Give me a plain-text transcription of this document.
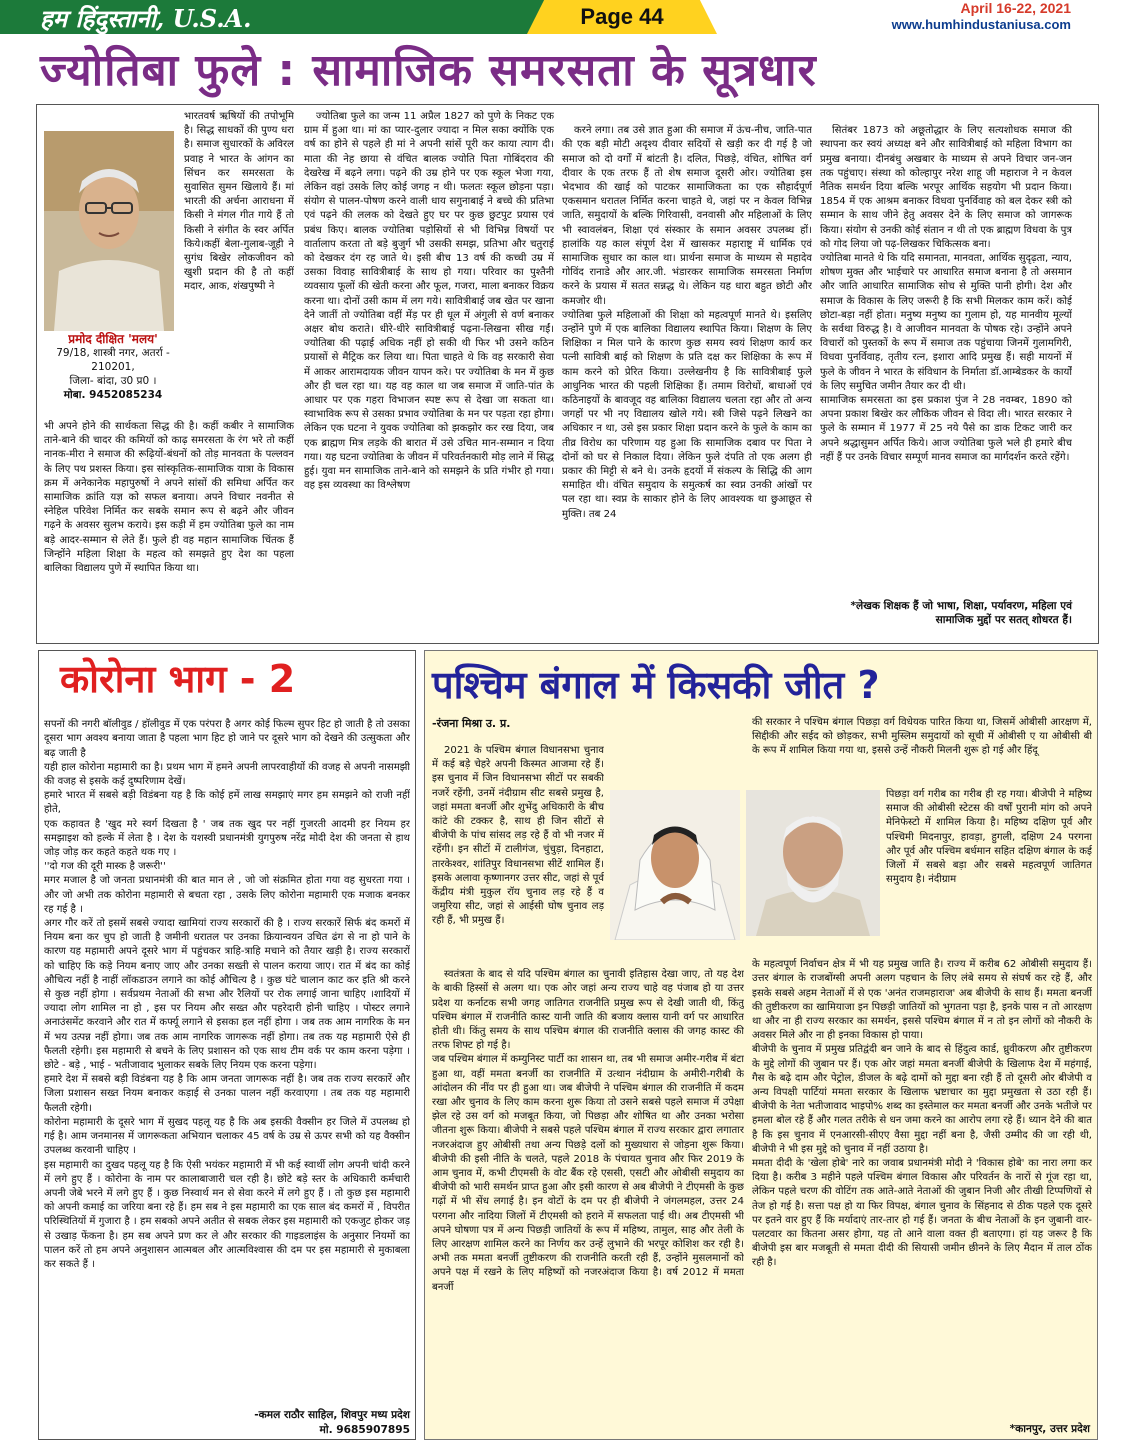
हम हिंदुस्तानी, U.S.A.	Page 44	April 16-22, 2021
www.humhindustaniusa.com
ज्योतिबा फुले : सामाजिक समरसता के सूत्रधार
प्रमोद दीक्षित 'मलय'
79/18, शास्त्री नगर, अतर्रा -
210201,
जिला- बांदा, उ0 प्र0 ।
मोबा. 9452085234

भारतवर्ष ऋषियों की तपोभूमि है। सिद्ध साधकों की पुण्य धरा है। समाज सुधारकों के अविरल प्रवाह ने भारत के आंगन का सिंचन कर समरसता के सुवासित सुमन खिलाये हैं। मां भारती की अर्चना आराधना में किसी ने मंगल गीत गाये हैं तो किसी ने संगीत के स्वर अर्पित किये।कहीं बेला-गुलाब-जूही ने सुगंध बिखेर लोकजीवन को खुशी प्रदान की है तो कहीं मदार, आक, शंखपुष्पी ने

भी अपने होने की सार्थकता सिद्ध की है। कहीं कबीर ने सामाजिक ताने-बाने की चादर की कमियों को काढ़ समरसता के रंग भरे तो कहीं नानक-मीरा ने समाज की रूढ़ियों-बंधनों को तोड़ मानवता के पल्लवन के लिए पथ प्रशस्त किया। इस सांस्कृतिक-सामाजिक यात्रा के विकास क्रम में अनेकानेक महापुरुषों ने अपने सांसों की समिधा अर्पित कर सामाजिक क्रांति यज्ञ को सफल बनाया। अपने विचार नवनीत से स्नेहिल परिवेश निर्मित कर सबके समान रूप से बढ़ने और जीवन गढ़ने के अवसर सुलभ कराये। इस कड़ी में हम ज्योतिबा फुले का नाम बड़े आदर-सम्मान से लेते हैं। फुले ही वह महान सामाजिक चिंतक हैं जिन्होंने महिला शिक्षा के महत्व को समझते हुए देश का पहला बालिका विद्यालय पुणे में स्थापित किया था।

ज्योतिबा फुले का जन्म 11 अप्रैल 1827 को पुणे के निकट एक ग्राम में हुआ था। मां का प्यार-दुलार ज्यादा न मिल सका क्योंकि एक वर्ष का होने से पहले ही मां ने अपनी सांसें पूरी कर काया त्याग दी। माता की नेह छाया से वंचित बालक ज्योति पिता गोबिंदराव की देखरेख में बढ़ने लगा। पढ़ने की उम्र होने पर एक स्कूल भेजा गया, लेकिन वहां उसके लिए कोई जगह न थी। फलतः स्कूल छोड़ना पड़ा। संयोग से पालन-पोषण करने वाली धाय सगुनाबाई ने बच्चे की प्रतिभा एवं पढ़ने की ललक को देखते हुए घर पर कुछ छुटपुट प्रयास एवं प्रबंध किए। बालक ज्योतिबा पड़ोसियों से भी विभिन्न विषयों पर वार्तालाप करता तो बड़े बुजुर्ग भी उसकी समझ, प्रतिभा और चतुराई को देखकर दंग रह जाते थे। इसी बीच 13 वर्ष की कच्ची उम्र में उसका विवाह सावित्रीबाई के साथ हो गया। परिवार का पुश्तैनी व्यवसाय फूलों की खेती करना और फूल, गजरा, माला बनाकर विक्रय करना था। दोनों उसी काम में लग गये। सावित्रीबाई जब खेत पर खाना देने जातीं तो ज्योतिबा वहीं मेंड़ पर ही धूल में अंगुली से वर्ण बनाकर अक्षर बोध कराते। धीरे-धीरे सावित्रीबाई पढ़ना-लिखना सीख गईं। ज्योतिबा की पढ़ाई अधिक नहीं हो सकी थी फिर भी उसने कठिन प्रयासों से मैट्रिक कर लिया था। पिता चाहते थे कि वह सरकारी सेवा में आकर आरामदायक जीवन यापन करे। पर ज्योतिबा के मन में कुछ और ही चल रहा था। यह वह काल था जब समाज में जाति-पांत के आधार पर एक गहरा विभाजन स्पष्ट रूप से देखा जा सकता था। स्वाभाविक रूप से उसका प्रभाव ज्योतिबा के मन पर पड़ता रहा होगा। लेकिन एक घटना ने युवक ज्योतिबा को झकझोर कर रख दिया, जब एक ब्राह्मण मित्र लड़के की बारात में उसे उचित मान-सम्मान न दिया गया। यह घटना ज्योतिबा के जीवन में परिवर्तनकारी मोड़ लाने में सिद्ध हुई। युवा मन सामाजिक ताने-बाने को समझने के प्रति गंभीर हो गया। वह इस व्यवस्था का विश्लेषण

करने लगा। तब उसे ज्ञात हुआ की समाज में ऊंच-नीच, जाति-पात की एक बड़ी मोटी अदृश्य दीवार सदियों से खड़ी कर दी गई है जो समाज को दो वर्गों में बांटती है। दलित, पिछड़े, वंचित, शोषित वर्ग दीवार के एक तरफ हैं तो शेष समाज दूसरी ओर। ज्योतिबा इस भेदभाव की खाई को पाटकर सामाजिकता का एक सौहार्दपूर्ण एकसमान धरातल निर्मित करना चाहते थे, जहां पर न केवल विभिन्न जाति, समुदायों के बल्कि गिरिवासी, वनवासी और महिलाओं के लिए भी स्वावलंबन, शिक्षा एवं संस्कार के समान अवसर उपलब्ध हों। हालांकि यह काल संपूर्ण देश में खासकर महाराष्ट्र में धार्मिक एवं सामाजिक सुधार का काल था। प्रार्थना समाज के माध्यम से महादेव गोविंद रानाडे और आर.जी. भंडारकर सामाजिक समरसता निर्माण करने के प्रयास में सतत सन्नद्ध थे। लेकिन यह धारा बहुत छोटी और कमजोर थी।
ज्योतिबा फुले महिलाओं की शिक्षा को महत्वपूर्ण मानते थे। इसलिए उन्होंने पुणे में एक बालिका विद्यालय स्थापित किया। शिक्षण के लिए शिक्षिका न मिल पाने के कारण कुछ समय स्वयं शिक्षण कार्य कर पत्नी सावित्री बाई को शिक्षण के प्रति दक्ष कर शिक्षिका के रूप में काम करने को प्रेरित किया। उल्लेखनीय है कि सावित्रीबाई फुले आधुनिक भारत की पहली शिक्षिका हैं। तमाम विरोधों, बाधाओं एवं कठिनाइयों के बावजूद वह बालिका विद्यालय चलता रहा और तो अन्य जगहों पर भी नए विद्यालय खोले गये। स्त्री जिसे पढ़ने लिखने का अधिकार न था, उसे इस प्रकार शिक्षा प्रदान करने के फुले के काम का तीव्र विरोध का परिणाम यह हुआ कि सामाजिक दबाव पर पिता ने दोनों को घर से निकाल दिया। लेकिन फुले दंपति तो एक अलग ही प्रकार की मिट्टी से बने थे। उनके हृदयों में संकल्प के सिद्धि की आग समाहित थी। वंचित समुदाय के समुत्कर्ष का स्वप्न उनकी आंखों पर पल रहा था। स्वप्न के साकार होने के लिए आवश्यक था छुआछूत से मुक्ति। तब 24

सितंबर 1873 को अछूतोद्धार के लिए सत्यशोधक समाज की स्थापना कर स्वयं अध्यक्ष बने और सावित्रीबाई को महिला विभाग का प्रमुख बनाया। दीनबंधु अखबार के माध्यम से अपने विचार जन-जन तक पहुंचाए। संस्था को कोल्हापुर नरेश शाहू जी महाराज ने न केवल नैतिक समर्थन दिया बल्कि भरपूर आर्थिक सहयोग भी प्रदान किया।1854 में एक आश्रम बनाकर विधवा पुनर्विवाह को बल देकर स्त्री को सम्मान के साथ जीने हेतु अवसर देने के लिए समाज को जागरूक किया। संयोग से उनकी कोई संतान न थी तो एक ब्राह्मण विधवा के पुत्र को गोद लिया जो पढ़-लिखकर चिकित्सक बना।
ज्योतिबा मानते थे कि यदि समानता, मानवता, आर्थिक सुदृढ़ता, न्याय, शोषण मुक्त और भाईचारे पर आधारित समाज बनाना है तो असमान और जाति आधारित सामाजिक सोच से मुक्ति पानी होगी। देश और समाज के विकास के लिए जरूरी है कि सभी मिलकर काम करें। कोई छोटा-बड़ा नहीं होता। मनुष्य मनुष्य का गुलाम हो, यह मानवीय मूल्यों के सर्वथा विरुद्ध है। वे आजीवन मानवता के पोषक रहे। उन्होंने अपने विचारों को पुस्तकों के रूप में समाज तक पहुंचाया जिनमें गुलामगिरी, विधवा पुनर्विवाह, तृतीय रत्न, इशारा आदि प्रमुख हैं। सही मायनों में फुले के जीवन ने भारत के संविधान के निर्माता डॉ.आम्बेडकर के कार्यों के लिए समुचित जमीन तैयार कर दी थी।
सामाजिक समरसता का इस प्रकाश पुंज ने 28 नवम्बर, 1890 को अपना प्रकाश बिखेर कर लौकिक जीवन से विदा ली। भारत सरकार ने फुले के सम्मान में 1977 में 25 नये पैसे का डाक टिकट जारी कर अपने श्रद्धासुमन अर्पित किये। आज ज्योतिबा फुले भले ही हमारे बीच नहीं हैं पर उनके विचार सम्पूर्ण मानव समाज का मार्गदर्शन करते रहेंगे।

*लेखक शिक्षक हैं जो भाषा, शिक्षा, पर्यावरण, महिला एवं सामाजिक मुद्दों पर सतत् शोधरत हैं।
कोरोना भाग - 2

सपनों की नगरी बॉलीवुड / हॉलीवुड में एक परंपरा है अगर कोई फिल्म सुपर हिट हो जाती है तो उसका दूसरा भाग अवश्य बनाया जाता है पहला भाग हिट हो जाने पर दूसरे भाग को देखने की उत्सुकता और बढ़ जाती है
यही हाल कोरोना महामारी का है। प्रथम भाग में हमने अपनी लापरवाहीयों की वजह से अपनी नासमझी की वजह से इसके कई दुष्परिणाम देखें।
हमारे भारत में सबसे बड़ी विडंबना यह है कि कोई हमें लाख समझाएं मगर हम समझने को राजी नहीं होते,
एक कहावत है 'खुद मरे स्वर्ग दिखता है ' जब तक खुद पर नहीं गुजरती आदमी हर नियम हर समझाइश को हल्के में लेता है । देश के यशस्वी प्रधानमंत्री युगपुरुष नरेंद्र मोदी देश की जनता से हाथ जोड़ जोड़ कर कहते कहते थक गए ।
''दो गज की दूरी मास्क है जरूरी''
मगर मजाल है जो जनता प्रधानमंत्री की बात मान ले , जो जो संक्रमित होता गया वह सुधरता गया ।और जो अभी तक कोरोना महामारी से बचता रहा , उसके लिए कोरोना महामारी एक मजाक बनकर रह गई है ।
अगर गौर करें तो इसमें सबसे ज्यादा खामियां राज्य सरकारों की है । राज्य सरकारें सिर्फ बंद कमरों में नियम बना कर चुप हो जाती है जमीनी धरातल पर उनका क्रियान्वयन उचित ढंग से ना हो पाने के कारण यह महामारी अपने दूसरे भाग में पहुंचकर त्राहि-त्राहि मचाने को तैयार खड़ी है। राज्य सरकारों को चाहिए कि कड़े नियम बनाए जाए और उनका सख्ती से पालन कराया जाए। रात में बंद का कोई औचित्य नहीं है नाहीं लॉकडाउन लगाने का कोई औचित्य है । कुछ घंटे चालान काट कर इति श्री करने से कुछ नहीं होगा । सर्वप्रथम नेताओं की सभा और रैलियों पर रोक लगाई जाना चाहिए ।शादियों में ज्यादा लोग शामिल ना हो , इस पर नियम और सख्त और पहरेदारी होनी चाहिए । पोस्टर लगाने अनाउंसमेंट करवाने और रात में कर्फ्यू लगाने से इसका हल नहीं होगा । जब तक आम नागरिक के मन में भय उत्पन्न नहीं होगा। जब तक आम नागरिक जागरूक नहीं होगा। तब तक यह महामारी ऐसे ही फैलती रहेगी। इस महामारी से बचने के लिए प्रशासन को एक साथ टीम वर्क पर काम करना पड़ेगा । छोटे - बड़े , भाई - भतीजावाद भुलाकर सबके लिए नियम एक करना पड़ेगा।
हमारे देश में सबसे बड़ी विडंबना यह है कि आम जनता जागरूक नहीं है। जब तक राज्य सरकारें और जिला प्रशासन सख्त नियम बनाकर कड़ाई से उनका पालन नहीं करवाएगा । तब तक यह महामारी फैलती रहेगी।
कोरोना महामारी के दूसरे भाग में सुखद पहलू यह है कि अब इसकी वैक्सीन हर जिले में उपलब्ध हो गई है। आम जनमानस में जागरूकता अभियान चलाकर 45 वर्ष के उम्र से ऊपर सभी को यह वैक्सीन उपलब्ध करवानी चाहिए ।
इस महामारी का दुखद पहलू यह है कि ऐसी भयंकर महामारी में भी कई स्वार्थी लोग अपनी चांदी करने में लगे हुए हैं । कोरोना के नाम पर कालाबाजारी चल रही है। छोटे बड़े स्तर के अधिकारी कर्मचारी अपनी जेबे भरने में लगे हुए हैं । कुछ निस्वार्थ मन से सेवा करने में लगे हुए हैं । तो कुछ इस महामारी को अपनी कमाई का जरिया बना रहे हैं। हम सब ने इस महामारी का एक साल बंद कमरों में , विपरीत परिस्थितियों में गुजारा है । हम सबको अपने अतीत से सबक लेकर इस महामारी को एकजुट होकर जड़ से उखाड़ फेंकना है। हम सब अपने प्रण कर ले और सरकार की गाइडलाइंस के अनुसार नियमों का पालन करें तो हम अपने अनुशासन आत्मबल और आत्मविश्वास की दम पर इस महामारी से मुकाबला कर सकते हैं ।

-कमल राठौर साहिल, शिवपुर मध्य प्रदेश
मो. 9685907895
पश्चिम बंगाल में किसकी जीत ?
-रंजना मिश्रा उ. प्र.

2021 के पश्चिम बंगाल विधानसभा चुनाव में कई बड़े चेहरे अपनी किस्मत आजमा रहे हैं। इस चुनाव में जिन विधानसभा सीटों पर सबकी नजरें रहेंगी, उनमें नंदीग्राम सीट सबसे प्रमुख है, जहां ममता बनर्जी और शुभेंदु अधिकारी के बीच कांटे की टक्कर है, साथ ही जिन सीटों से बीजेपी के पांच सांसद लड़ रहे हैं वो भी नजर में रहेंगी। इन सीटों में टालीगंज, चुंचुड़ा, दिनहाटा, तारकेश्वर, शांतिपुर विधानसभा सीटें शामिल हैं। इसके अलावा कृष्णानगर उत्तर सीट, जहां से पूर्व केंद्रीय मंत्री मुकुल रॉय चुनाव लड़ रहे हैं व जमुरिया सीट, जहां से आईसी घोष चुनाव लड़ रही हैं, भी प्रमुख हैं।

स्वतंत्रता के बाद से यदि पश्चिम बंगाल का चुनावी इतिहास देखा जाए, तो यह देश के बाकी हिस्सों से अलग था। एक ओर जहां अन्य राज्य चाहे वह पंजाब हो या उत्तर प्रदेश या कर्नाटक सभी जगह जातिगत राजनीति प्रमुख रूप से देखी जाती थी, किंतु पश्चिम बंगाल में राजनीति कास्ट यानी जाति की बजाय क्लास यानी वर्ग पर आधारित होती थी। किंतु समय के साथ पश्चिम बंगाल की राजनीति क्लास की जगह कास्ट की तरफ शिफ्ट हो गई है।
जब पश्चिम बंगाल में कम्युनिस्ट पार्टी का शासन था, तब भी समाज अमीर-गरीब में बंटा हुआ था, वहीं ममता बनर्जी का राजनीति में उत्थान नंदीग्राम के अमीरी-गरीबी के आंदोलन की नींव पर ही हुआ था। जब बीजेपी ने पश्चिम बंगाल की राजनीति में कदम रखा और चुनाव के लिए काम करना शुरू किया तो उसने सबसे पहले समाज में उपेक्षा झेल रहे उस वर्ग को मजबूत किया, जो पिछड़ा और शोषित था और उनका भरोसा जीतना शुरू किया। बीजेपी ने सबसे पहले पश्चिम बंगाल में राज्य सरकार द्वारा लगातार नजरअंदाज हुए ओबीसी तथा अन्य पिछड़े दलों को मुख्यधारा से जोड़ना शुरू किया। बीजेपी की इसी नीति के चलते, पहले 2018 के पंचायत चुनाव और फिर 2019 के आम चुनाव में, कभी टीएमसी के वोट बैंक रहे एससी, एसटी और ओबीसी समुदाय का बीजेपी को भारी समर्थन प्राप्त हुआ और इसी कारण से अब बीजेपी ने टीएमसी के कुछ गढ़ों में भी सेंध लगाई है। इन वोटों के दम पर ही बीजेपी ने जंगलमहल, उत्तर 24 परगना और नादिया जिलों में टीएमसी को हराने में सफलता पाई थी। अब टीएमसी भी अपने घोषणा पत्र में अन्य पिछड़ी जातियों के रूप में महिष्य, तामुल, साह और तेली के लिए आरक्षण शामिल करने का निर्णय कर उन्हें लुभाने की भरपूर कोशिश कर रही है। अभी तक ममता बनर्जी तुष्टीकरण की राजनीति करती रही हैं, उन्होंने मुसलमानों को अपने पक्ष में रखने के लिए महिष्यों को नजरअंदाज किया है। वर्ष 2012 में ममता बनर्जी

की सरकार ने पश्चिम बंगाल पिछड़ा वर्ग विधेयक पारित किया था, जिसमें ओबीसी आरक्षण में, सिद्दीकी और सईद को छोड़कर, सभी मुस्लिम समुदायों को सूची में ओबीसी ए या ओबीसी बी के रूप में शामिल किया गया था, इससे उन्हें नौकरी मिलनी शुरू हो गई और हिंदू

पिछड़ा वर्ग गरीब का गरीब ही रह गया। बीजेपी ने महिष्य समाज की ओबीसी स्टेटस की वर्षों पुरानी मांग को अपने मेनिफेस्टो में शामिल किया है। महिष्य दक्षिण पूर्व और पश्चिमी मिदनापुर, हावड़ा, हुगली, दक्षिण 24 परगना और पूर्व और पश्चिम बर्धमान सहित दक्षिण बंगाल के कई जिलों में सबसे बड़ा और सबसे महत्वपूर्ण जातिगत समुदाय है। नंदीग्राम

के महत्वपूर्ण निर्वाचन क्षेत्र में भी यह प्रमुख जाति है। राज्य में करीब 62 ओबीसी समुदाय हैं। उत्तर बंगाल के राजबोंग्सी अपनी अलग पहचान के लिए लंबे समय से संघर्ष कर रहे हैं, और इसके सबसे अहम नेताओं में से एक 'अनंत राजमहाराज' अब बीजेपी के साथ हैं। ममता बनर्जी की तुष्टीकरण का खामियाजा इन पिछड़ी जातियों को भुगतना पड़ा है, इनके पास न तो आरक्षण था और ना ही राज्य सरकार का समर्थन, इससे पश्चिम बंगाल में न तो इन लोगों को नौकरी के अवसर मिले और ना ही इनका विकास हो पाया।
बीजेपी के चुनाव में प्रमुख प्रतिद्वंदी बन जाने के बाद से हिंदुत्व कार्ड, ध्रुवीकरण और तुष्टीकरण के मुद्दे लोगों की जुबान पर हैं। एक ओर जहां ममता बनर्जी बीजेपी के खिलाफ देश में महंगाई, गैस के बढ़े दाम और पेट्रोल, डीजल के बढ़े दामों को मुद्दा बना रही हैं तो दूसरी ओर बीजेपी व अन्य विपक्षी पार्टियां ममता सरकार के खिलाफ भ्रष्टाचार का मुद्दा प्रमुखता से उठा रही हैं। बीजेपी के नेता भतीजावाद भाइपो% शब्द का इस्तेमाल कर ममता बनर्जी और उनके भतीजे पर हमला बोल रहे हैं और गलत तरीके से धन जमा करने का आरोप लगा रहे हैं। ध्यान देने की बात है कि इस चुनाव में एनआरसी-सीएए वैसा मुद्दा नहीं बना है, जैसी उम्मीद की जा रही थी, बीजेपी ने भी इस मुद्दे को चुनाव में नहीं उठाया है।
ममता दीदी के 'खेला होबे' नारे का जवाब प्रधानमंत्री मोदी ने 'विकास होबे' का नारा लगा कर दिया है। करीब 3 महीने पहले पश्चिम बंगाल विकास और परिवर्तन के नारों से गूंज रहा था, लेकिन पहले चरण की वोटिंग तक आते-आते नेताओं की जुबान निजी और तीखी टिप्पणियों से तेज हो गई है। सत्ता पक्ष हो या फिर विपक्ष, बंगाल चुनाव के सिंहनाद से ठीक पहले एक दूसरे पर इतने वार हुए हैं कि मर्यादाएं तार-तार हो गई हैं। जनता के बीच नेताओं के इन जुबानी वार-पलटवार का कितना असर होगा, यह तो आने वाला वक्त ही बताएगा। हां यह जरूर है कि बीजेपी इस बार मजबूती से ममता दीदी की सियासी जमीन छीनने के लिए मैदान में ताल ठोंक रही है।

*कानपुर, उत्तर प्रदेश
